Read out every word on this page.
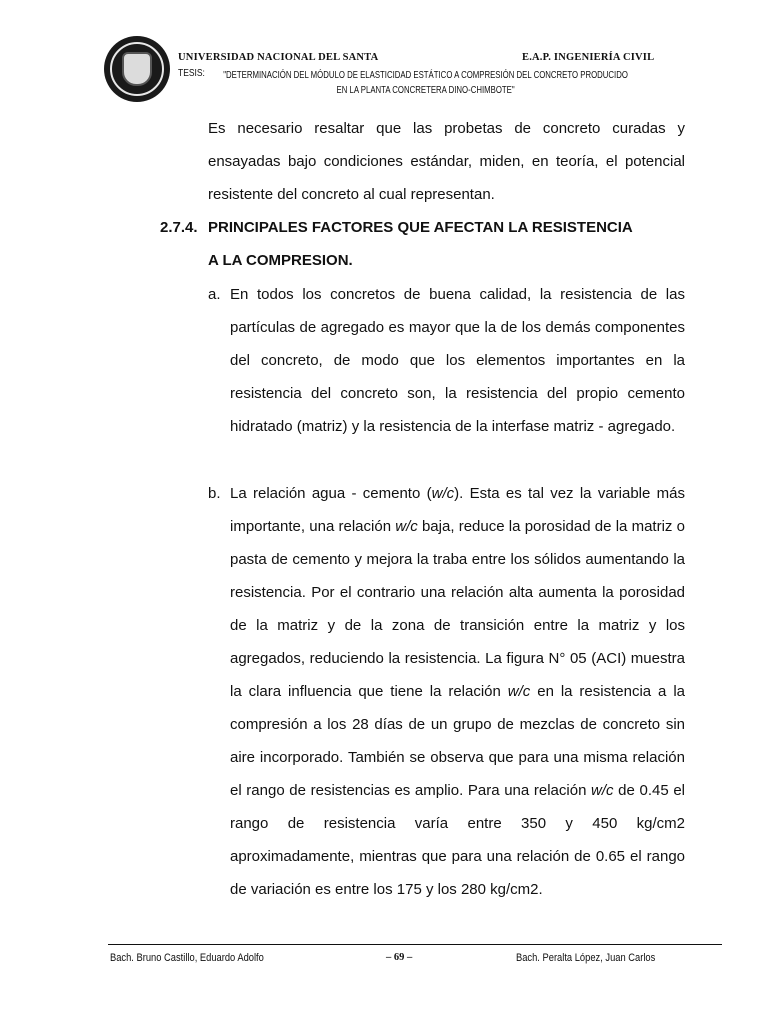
UNIVERSIDAD NACIONAL DEL SANTA	E.A.P. INGENIERÍA CIVIL
TESIS: "DETERMINACIÓN DEL MÓDULO DE ELASTICIDAD ESTÁTICO A COMPRESIÓN DEL CONCRETO PRODUCIDO EN LA PLANTA CONCRETERA DINO-CHIMBOTE"
Es necesario resaltar que las probetas de concreto curadas y ensayadas bajo condiciones estándar, miden, en teoría, el potencial resistente del concreto al cual representan.
2.7.4. PRINCIPALES FACTORES QUE AFECTAN LA RESISTENCIA
A LA COMPRESION.
a. En todos los concretos de buena calidad, la resistencia de las partículas de agregado es mayor que la de los demás componentes del concreto, de modo que los elementos importantes en la resistencia del concreto son, la resistencia del propio cemento hidratado (matriz) y la resistencia de la interfase matriz - agregado.
b. La relación agua - cemento (w/c). Esta es tal vez la variable más importante, una relación w/c baja, reduce la porosidad de la matriz o pasta de cemento y mejora la traba entre los sólidos aumentando la resistencia. Por el contrario una relación alta aumenta la porosidad de la matriz y de la zona de transición entre la matriz y los agregados, reduciendo la resistencia. La figura N° 05 (ACI) muestra la clara influencia que tiene la relación w/c en la resistencia a la compresión a los 28 días de un grupo de mezclas de concreto sin aire incorporado. También se observa que para una misma relación el rango de resistencias es amplio. Para una relación w/c de 0.45 el rango de resistencia varía entre 350 y 450 kg/cm2 aproximadamente, mientras que para una relación de 0.65 el rango de variación es entre los 175 y los 280 kg/cm2.
Bach. Bruno Castillo, Eduardo Adolfo	– 69 –	Bach. Peralta López, Juan Carlos
